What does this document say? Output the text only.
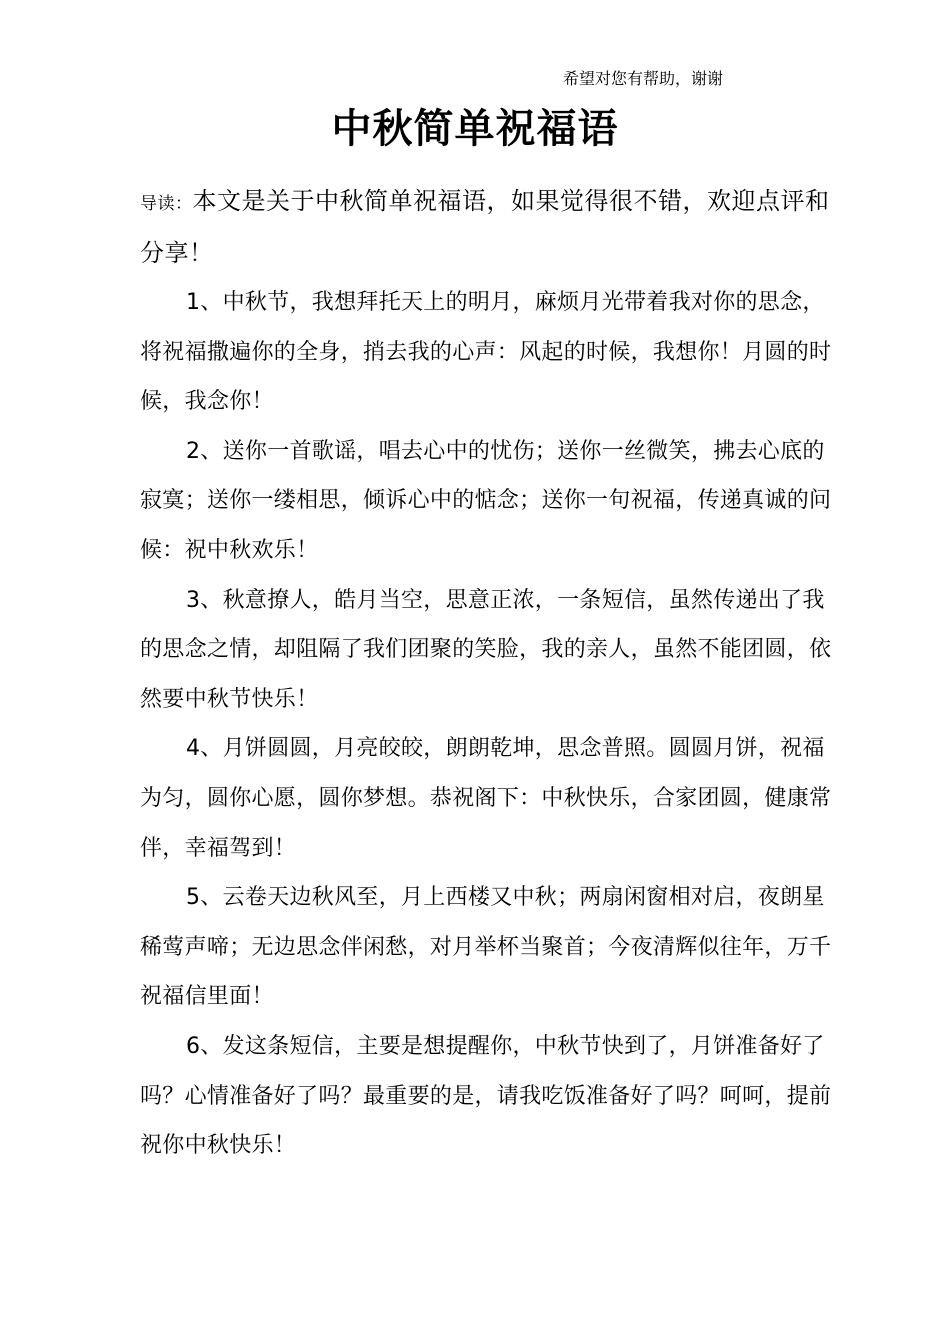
希望对您有帮助，谢谢
中秋简单祝福语

导读：本文是关于中秋简单祝福语，如果觉得很不错，欢迎点评和分享！

1、中秋节，我想拜托天上的明月，麻烦月光带着我对你的思念，将祝福撒遍你的全身，捎去我的心声：风起的时候，我想你！月圆的时候，我念你！

2、送你一首歌谣，唱去心中的忧伤；送你一丝微笑，拂去心底的寂寞；送你一缕相思，倾诉心中的惦念；送你一句祝福，传递真诚的问候：祝中秋欢乐！

3、秋意撩人，皓月当空，思意正浓，一条短信，虽然传递出了我的思念之情，却阻隔了我们团聚的笑脸，我的亲人，虽然不能团圆，依然要中秋节快乐！

4、月饼圆圆，月亮皎皎，朗朗乾坤，思念普照。圆圆月饼，祝福为匀，圆你心愿，圆你梦想。恭祝阁下：中秋快乐，合家团圆，健康常伴，幸福驾到！

5、云卷天边秋风至，月上西楼又中秋；两扇闲窗相对启，夜朗星稀莺声啼；无边思念伴闲愁，对月举杯当聚首；今夜清辉似往年，万千祝福信里面！

6、发这条短信，主要是想提醒你，中秋节快到了，月饼准备好了吗？心情准备好了吗？最重要的是，请我吃饭准备好了吗？呵呵，提前祝你中秋快乐！
